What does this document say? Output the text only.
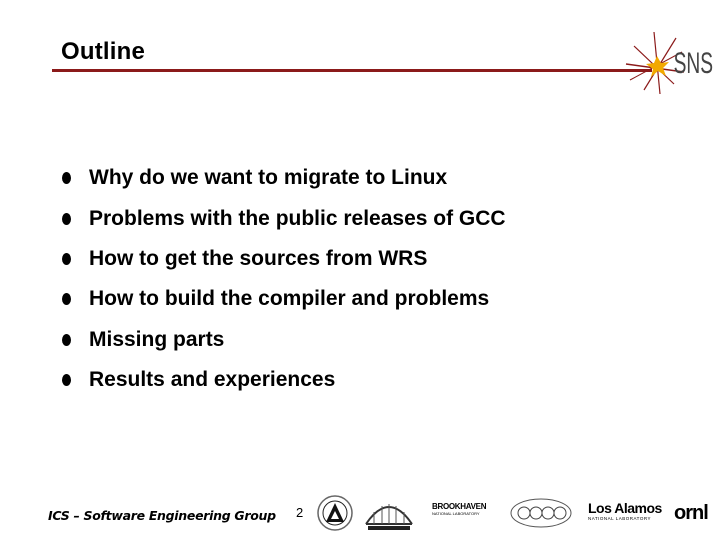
Outline	SNS
Why do we want to migrate to Linux
Problems with the public releases of GCC
How to get the sources from WRS
How to build the compiler and problems
Missing parts
Results and experiences
ICS – Software Engineering Group 2	BROOKHAVEN
NATIONAL LABORATORY	Los Alamos
NATIONAL LABORATORY	ornl
